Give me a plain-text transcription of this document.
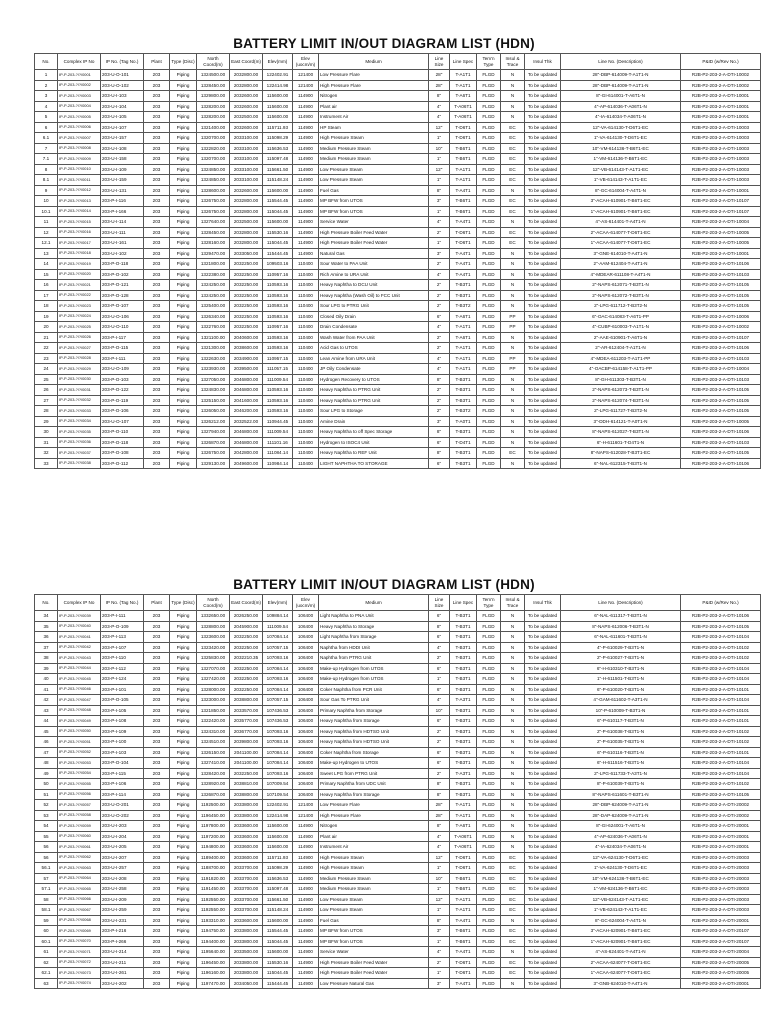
BATTERY LIMIT IN/OUT DIAGRAM LIST (HDN)
No.	Complex IP No	IP No. (Tag No.)	Plant	Type (Disc)	North Coord(m)	East Coord(m)	Elev(mm)	Elev (uocm/m)	Medium	Line Size	Line Spec	Tem'n Type	Insul & Trace	Insul Thk	Line No. (Description)	P&ID (w/Rev No.)
1	IP-P-203-?/?/0001	203-U-O-101	203	Piping	1324500.00	2032800.00	122402.91	121400	Low Pressure Flare	28"	T-A1T1	FLGD	N	To be updated	28"-DBP-614009-T-A1T1-N	R2B-P2-203-2-A-DTI-10002
2	IP-P-203-?/?/0002	203-U-O-102	203	Piping	1328450.00	2032800.00	122414.98	121400	High Pressure Flare	28"	T-A1T1	FLGD	N	To be updated	28"-DBP-614009-T-A1T1-N	R2B-P2-203-2-A-DTI-10002
3	IP-P-203-?/?/0003	203-U-I-103	203	Piping	1329800.00	2032600.00	115600.00	114900	Nitrogen	8"	T-A6T1	FLGD	N	To be updated	8"-GI-614001-T-A6T1-N	R2B-P2-203-2-A-DTI-10001
4	IP-P-203-?/?/0004	203-U-I-104	203	Piping	1328200.00	2032600.00	115600.00	114900	Plant air	4"	T-A06T1	FLGD	N	To be updated	4"-AP-614036-T-A06T1-N	R2B-P2-203-2-A-DTI-10001
5	IP-P-203-?/?/0005	203-U-I-105	203	Piping	1328200.00	2032500.00	115600.00	114900	Instrument Air	4"	T-A06T1	FLGD	N	To be updated	4"-IA-614034-T-A06T1-N	R2B-P2-203-2-A-DTI-10001
6	IP-P-203-?/?/0006	203-U-I-107	203	Piping	1321400.00	2032600.00	115711.93	114900	HP Steam	12"	T-D6T1	FLGD	EC	To be updated	12"-VA-614130-T-D6T1-EC	R2B-P2-203-2-A-DTI-10003
6.1	IP-P-203-?/?/0007	203-U-I-157	203	Piping	1320700.00	2033100.00	115098.29	114900	High Pressure Steam	1"	T-D6T1	FLGD	EC	To be updated	1"-VA-614130-T-D6T1-EC	R2B-P2-203-2-A-DTI-10003
7	IP-P-203-?/?/0008	203-U-I-108	203	Piping	1322820.00	2033100.00	115636.53	114900	Medium Pressure Steam	10"	T-B6T1	FLGD	EC	To be updated	10"-VM-614136-T-B6T1-EC	R2B-P2-203-2-A-DTI-10003
7.1	IP-P-203-?/?/0009	203-U-I-158	203	Piping	1320700.00	2033100.00	115097.48	114900	Medium Pressure Steam	1"	T-B6T1	FLGD	EC	To be updated	1"-VM-614136-T-B6T1-EC	R2B-P2-203-2-A-DTI-10003
8	IP-P-203-?/?/0010	203-U-I-109	203	Piping	1324850.00	2033100.00	115661.50	114900	Low Pressure Steam	12"	T-A1T1	FLGD	EC	To be updated	12"-VB-614143-T-A1T1-EC	R2B-P2-203-2-A-DTI-10003
8.1	IP-P-203-?/?/0011	203-U-I-159	203	Piping	1324850.00	2033100.00	115148.24	114900	Low Pressure Steam	1"	T-A1T1	FLGD	EC	To be updated	1"-VB-614143-T-A1T1-EC	R2B-P2-203-2-A-DTI-10003
9	IP-P-203-?/?/0012	203-U-I-131	203	Piping	1328600.00	2032600.00	115600.00	114900	Fuel Gas	8"	T-A4T1	FLGD	N	To be updated	8"-GC-614004-T-A4T1-N	R2B-P2-203-2-A-DTI-10001
10	IP-P-203-?/?/0013	203-P-I-116	203	Piping	1326750.00	2032800.00	115544.45	114900	MP BFW from UTOS	3"	T-B6T1	FLGD	EC	To be updated	3"-ACAH-610901-T-B6T1-EC	R2B-P2-203-2-A-DTI-10107
10.1	IP-P-203-?/?/0014	203-P-I-166	203	Piping	1326750.00	2032800.00	115044.45	114900	MP BFW from UTOS	1"	T-B6T1	FLGD	EC	To be updated	1"-ACAH-610901-T-B6T1-EC	R2B-P2-203-2-A-DTI-10107
11	IP-P-203-?/?/0015	203-U-I-114	203	Piping	1327640.00	2032500.00	115600.00	114900	Service Water	4"	T-A4T1	FLGD	N	To be updated	4"-AS-614401-T-A4T1-N	R2B-P2-203-2-A-DTI-10004
12	IP-P-203-?/?/0016	203-U-I-111	203	Piping	1328450.00	2032800.00	115530.16	114900	High Pressure Boiler Feed Water	2"	T-D6T1	FLGD	EC	To be updated	2"-ACAA-614077-T-D6T1-EC	R2B-P2-203-2-A-DTI-10005
12.1	IP-P-203-?/?/0017	203-U-I-161	203	Piping	1328160.00	2032800.00	115044.45	114900	High Pressure Boiler Feed Water	1"	T-D6T1	FLGD	EC	To be updated	1"-ACAA-614077-T-D6T1-EC	R2B-P2-203-2-A-DTI-10005
13	IP-P-203-?/?/0018	203-U-I-102	203	Piping	1329470.00	2033050.00	115444.45	114900	Natural Gas	3"	T-A4T1	FLGD	N	To be updated	3"-GNE-614010-T-A4T1-N	R2B-P2-203-2-A-DTI-10001
14	IP-P-203-?/?/0019	203-P-O-118	203	Piping	1321800.00	2032250.00	109503.16	110400	Sour Water to PAA Unit	2"	T-A4T1	FLGD	N	To be updated	2"-AAM-612404-T-A4T1-N	R2B-P2-203-2-A-DTI-10106
15	IP-P-203-?/?/0020	203-P-O-102	203	Piping	1322380.00	2032250.00	110957.16	110400	Rich Amine to URA Unit	4"	T-A4T1	FLGD	N	To be updated	4"-MDEAR-611108-T-A4T1-N	R2B-P2-203-2-A-DTI-10103
16	IP-P-203-?/?/0021	203-P-O-121	203	Piping	1324250.00	2032250.00	110593.16	110400	Heavy Naphtha to DCU Unit	2"	T-B3T1	FLGD	N	To be updated	2"-NAPS-612071-T-B3T1-N	R2B-P2-203-2-A-DTI-10105
17	IP-P-203-?/?/0022	203-P-O-128	203	Piping	1324250.00	2032250.00	110593.16	110400	Heavy Naphtha (Wash Oil) to FCC Unit	2"	T-B3T1	FLGD	N	To be updated	2"-NAPS-612072-T-B3T1-N	R2B-P2-203-2-A-DTI-10105
18	IP-P-203-?/?/0023	203-P-O-107	203	Piping	1325400.00	2032250.00	110593.16	110400	Sour LPG to PTRG Unit	2"	T-B3T2	FLGD	N	To be updated	2"-LPG-611712-T-B3T2-N	R2B-P2-203-2-A-DTI-10105
19	IP-P-203-?/?/0024	203-U-O-106	203	Piping	1326340.00	2032250.00	110593.16	110400	Closed Oily Drain	6"	T-A6T1	FLGD	PP	To be updated	6"-OAC-614083-T-A6T1-PP	R2B-P2-203-2-A-DTI-10006
20	IP-P-203-?/?/0025	203-U-O-110	203	Piping	1322760.00	2032250.00	110957.16	110400	Drain Condensate	4"	T-A1T1	FLGD	PP	To be updated	4"-CUBP-610003-T-A1T1-N	R2B-P2-203-2-A-DTI-10002
21	IP-P-203-?/?/0026	203-P-I-117	203	Piping	1321100.00	2040600.00	110593.16	110400	Wash Water from PAA Unit	2"	T-A6T1	FLGD	N	To be updated	2"-AAE-610901-T-A6T1-N	R2B-P2-203-2-A-DTI-10107
22	IP-P-203-?/?/0027	203-P-O-115	203	Piping	1321300.00	2038600.00	110593.16	110400	Acid Gas to UTOS	2"	T-A1T1	FLGD	N	To be updated	2"-AR-612404-T-A1T1-N	R2B-P2-203-2-A-DTI-10106
23	IP-P-203-?/?/0028	203-P-I-111	203	Piping	1322630.00	2034900.00	110957.15	110400	Lean Amine from URA Unit	4"	T-A1T1	FLGD	PP	To be updated	4"-MDEA-611203-T-A1T1-PP	R2B-P2-203-2-A-DTI-10103
24	IP-P-203-?/?/0029	203-U-O-109	203	Piping	1323930.00	2039500.00	111057.15	110400	JP Oily Condensate	4"	T-A1T1	FLGD	PP	To be updated	4"-OACBP-614158-T-A1T1-PP	R2B-P2-203-2-A-DTI-10004
25	IP-P-203-?/?/0030	203-P-O-103	203	Piping	1327050.00	2046800.00	111009.54	110400	Hydrogen Recovery to UTOS	8"	T-B3T1	FLGD	N	To be updated	8"-GH-611303-T-B3T1-N	R2B-P2-203-2-A-DTI-10103
26	IP-P-203-?/?/0031	203-P-O-122	203	Piping	1324830.00	2046800.00	110593.16	110400	Heavy Naphtha to PTRG Unit	2"	T-B3T1	FLGD	N	To be updated	2"-NAPS-612073-T-B3T1-N	R2B-P2-203-2-A-DTI-10105
27	IP-P-203-?/?/0032	203-P-O-119	203	Piping	1325150.00	2041600.00	110593.16	110400	Heavy Naphtha to PTRG Unit	2"	T-B3T1	FLGD	N	To be updated	2"-NAPS-612074-T-B3T1-N	R2B-P2-203-2-A-DTI-10105
28	IP-P-203-?/?/0033	203-P-O-106	203	Piping	1326050.00	2046200.00	110593.16	110400	Sour LPG to Storage	2"	T-B3T2	FLGD	N	To be updated	2"-LPG-611727-T-B3T2-N	R2B-P2-203-2-A-DTI-10105
29	IP-P-203-?/?/0034	203-U-O-107	203	Piping	1326212.00	2032522.00	110944.45	110400	Amine Drain	3"	T-A0T1	FLGD	N	To be updated	3"-DDH-614121-T-A0T1-N	R2B-P2-203-2-A-DTI-10005
30	IP-P-203-?/?/0035	203-P-O-110	203	Piping	1327940.00	2046800.00	111009.54	110400	Heavy Naphtha to off Spec Storage	8"	T-B3T1	FLGD	N	To be updated	8"-NAPS-612027-T-B3T1-N	R2B-P2-203-2-A-DTI-10106
31	IP-P-203-?/?/0036	203-P-O-118	203	Piping	1326870.00	2046800.00	111101.16	110400	Hydrogen to ISOC4 Unit	6"	T-D4T1	FLGD	N	To be updated	6"-H-611601-T-D4T1-N	R2B-P2-203-2-A-DTI-10103
32	IP-P-203-?/?/0037	203-P-O-108	203	Piping	1326750.00	2042800.00	111084.14	110400	Heavy Naphtha to REF Unit	8"	T-B3T1	FLGD	EC	To be updated	8"-NAPS-612028-T-B3T1-EC	R2B-P2-203-2-A-DTI-10105
33	IP-P-203-?/?/0038	203-P-O-112	203	Piping	1329130.00	2049600.00	110984.14	110400	LIGHT NAPHTHA TO STORAGE	6"	T-B3T1	FLGD	N	To be updated	6"-NAL-612315-T-B3T1-N	R2B-P2-203-2-A-DTI-10106
BATTERY LIMIT IN/OUT DIAGRAM LIST (HDN)
No.	Complex IP No	IP No. (Tag No.)	Plant	Type (Disc)	North Coord(m)	East Coord(m)	Elev(mm)	Elev (uocm/m)	Medium	Line Size	Line Spec	Tem'n Type	Insul & Trace	Insul Thk	Line No. (Description)	P&ID (w/Rev No.)
34	IP-P-203-?/?/0039	203-P-I-111	203	Piping	1332650.00	2026250.00	109884.14	106400	Light Naphtha to PNA Unit	6"	T-B3T1	FLGD	N	To be updated	6"-NAL-611317-T-B3T1-N	R2B-P2-203-2-A-DTI-10106
35	IP-P-203-?/?/0040	203-P-O-109	203	Piping	1328800.00	2045900.00	111009.54	106400	Heavy Naphtha to Storage	8"	T-B3T1	FLGD	N	To be updated	8"-NAPS-612006-T-B3T1-N	R2B-P2-203-2-A-DTI-10105
36	IP-P-203-?/?/0041	203-P-I-113	203	Piping	1323600.00	2032250.00	107084.14	106400	Light Naphtha from Storage	6"	T-B3T1	FLGD	N	To be updated	6"-NAL-611601-T-B3T1-N	R2B-P2-203-2-A-DTI-10104
37	IP-P-203-?/?/0042	203-P-I-107	203	Piping	1323420.00	2032250.00	107057.15	106400	Naphtha from HDDI Unit	4"	T-B3T1	FLGD	N	To be updated	4"-P-610029-T-B3T1-N	R2B-P2-203-2-A-DTI-10102
38	IP-P-203-?/?/0043	203-P-I-110	203	Piping	1325830.00	2032210.35	107093.16	106400	Naphtha from PTRG Unit	2"	T-B3T1	FLGD	N	To be updated	2"-P-610027-T-B3T1-N	R2B-P2-203-2-A-DTI-10102
39	IP-P-203-?/?/0044	203-P-I-112	203	Piping	1327070.00	2032250.00	107084.14	106400	Make-up Hydrogen from UTOS	6"	T-B3T1	FLGD	N	To be updated	6"-H-610310-T-B3T1-N	R2B-P2-203-2-A-DTI-10104
40	IP-P-203-?/?/0045	203-P-I-124	203	Piping	1327420.00	2032250.00	107093.16	106400	Make-up Hydrogen from UTOS	1"	T-B3T1	FLGD	N	To be updated	1"-H-611501-T-B3T1-N	R2B-P2-203-2-A-DTI-10104
41	IP-P-203-?/?/0046	203-P-I-101	203	Piping	1328000.00	2032250.00	107084.14	106400	Coker Naphtha from PCR Unit	6"	T-B3T1	FLGD	N	To be updated	6"-P-610020-T-B3T1-N	R2B-P2-203-2-A-DTI-10101
42	IP-P-203-?/?/0047	203-P-O-105	203	Piping	1323000.00	2038800.00	107057.15	106400	Sour Gas To PTRG Unit	4"	T-A3T1	FLGD	N	To be updated	4"-GAM-611602-T-A3T1-N	R2B-P2-203-2-A-DTI-10104
43	IP-P-203-?/?/0048	203-P-I-105	203	Piping	1321850.00	2033570.00	107436.53	106400	Primary Naphtha from Storage	10"	T-B3T1	FLGD	N	To be updated	10"-P-610009-T-B3T1-N	R2B-P2-203-2-A-DTI-10101
44	IP-P-203-?/?/0049	203-P-I-108	203	Piping	1322420.00	2035770.00	107436.53	106400	Heavy Naphtha from Storage	6"	T-B3T1	FLGD	N	To be updated	6"-P-610117-T-B3T1-N	R2B-P2-203-2-A-DTI-10101
45	IP-P-203-?/?/0050	203-P-I-109	203	Piping	1324310.00	2036770.00	107093.16	106400	Heavy Naphtha from HDTSO Unit	2"	T-B3T1	FLGD	N	To be updated	2"-P-610038-T-B3T1-N	R2B-P2-203-2-A-DTI-10102
46	IP-P-203-?/?/0051	203-P-I-100	203	Piping	1324510.00	2039800.00	107093.16	106400	Heavy Naphtha from HDTSO Unit	2"	T-B3T1	FLGD	N	To be updated	2"-P-610035-T-B3T1-N	R2B-P2-203-2-A-DTI-10102
47	IP-P-203-?/?/0052	203-P-I-103	203	Piping	1326150.00	2041100.00	107084.14	106400	Coker Naphtha from Storage	6"	T-B3T1	FLGD	N	To be updated	6"-P-610116-T-B3T1-N	R2B-P2-203-2-A-DTI-10101
48	IP-P-203-?/?/0053	203-P-O-104	203	Piping	1327410.00	2041100.00	107084.14	106400	Make-up Hydrogen to UTOS	6"	T-B3T1	FLGD	N	To be updated	6"-H-611516-T-B3T1-N	R2B-P2-203-2-A-DTI-10104
49	IP-P-203-?/?/0054	203-P-I-115	203	Piping	1328420.00	2032250.00	107093.16	106400	Sweet LPG from PTRG Unit	2"	T-A3T1	FLGD	N	To be updated	2"-LPG-611733-T-A3T1-N	R2B-P2-203-2-A-DTI-10104
50	IP-P-203-?/?/0055	203-P-I-106	203	Piping	1328920.00	2038810.00	107009.54	106400	Primary Naphtha from UDC Unit	8"	T-B3T1	FLGD	N	To be updated	8"-P-610039-T-B3T1-N	R2B-P2-203-2-A-DTI-10102
51	IP-P-203-?/?/0056	203-P-I-114	203	Piping	1326870.00	2038800.00	107109.54	106400	Heavy Naphtha from Storage	8"	T-B3T1	FLGD	N	To be updated	8"-NAPS-611601-T-B3T1-N	R2B-P2-203-2-A-DTI-10105
52	IP-P-203-?/?/0057	203-U-O-201	203	Piping	1192500.00	2033800.00	122402.91	121400	Low Pressure Flare	28"	T-A1T1	FLGD	N	To be updated	28"-DBP-624009-T-A1T1-N	R2B-P2-203-2-A-DTI-20002
53	IP-P-203-?/?/0058	203-U-O-202	203	Piping	1196450.00	2033800.00	122414.98	121400	High Pressure Flare	28"	T-A1T1	FLGD	N	To be updated	28"-DAP-624009-T-A1T1-N	R2B-P2-203-2-A-DTI-20002
54	IP-P-203-?/?/0059	203-U-I-203	203	Piping	1197800.00	2033600.00	115600.00	114900	Nitrogen	8"	T-A6T1	FLGD	N	To be updated	8"-GI-624001-T-A6T1-N	R2B-P2-203-2-A-DTI-20001
55	IP-P-203-?/?/0060	203-U-I-204	203	Piping	1197200.00	2033600.00	115600.00	114900	Plant air	4"	T-A06T1	FLGD	N	To be updated	4"-AP-624036-T-A06T1-N	R2B-P2-203-2-A-DTI-20001
56	IP-P-203-?/?/0061	203-U-I-205	203	Piping	1194800.00	2033600.00	115600.00	114900	Instrument Air	4"	T-A06T1	FLGD	N	To be updated	4"-IA-624034-T-A06T1-N	R2B-P2-203-2-A-DTI-20001
56	IP-P-203-?/?/0062	203-U-I-207	203	Piping	1189400.00	2033600.00	115711.93	114900	High Pressure Steam	12"	T-D6T1	FLGD	EC	To be updated	12"-VA-624130-T-D6T1-EC	R2B-P2-203-2-A-DTI-20003
56.1	IP-P-203-?/?/0063	203-U-I-257	203	Piping	1188700.00	2033700.00	115098.29	114900	High Pressure Steam	1"	T-D6T1	FLGD	EC	To be updated	1"-VA-624130-T-D6T1-EC	R2B-P2-203-2-A-DTI-20003
57	IP-P-203-?/?/0064	203-U-I-208	203	Piping	1191820.00	2033700.00	115636.53	114900	Medium Pressure Steam	10"	T-B6T1	FLGD	EC	To be updated	10"-VM-624136-T-B6T1-EC	R2B-P2-203-2-A-DTI-20003
57.1	IP-P-203-?/?/0065	203-U-I-258	203	Piping	1191450.00	2033700.00	115097.48	114900	Medium Pressure Steam	1"	T-B6T1	FLGD	EC	To be updated	1"-VM-624136-T-B6T1-EC	R2B-P2-203-2-A-DTI-20003
58	IP-P-203-?/?/0066	203-U-I-209	203	Piping	1192550.00	2033700.00	115661.50	114900	Low Pressure Steam	12"	T-A1T1	FLGD	EC	To be updated	12"-VB-624143-T-A1T1-EC	R2B-P2-203-2-A-DTI-20003
58.1	IP-P-203-?/?/0067	203-U-I-259	203	Piping	1192550.00	2033700.00	115148.24	114900	Low Pressure Steam	1"	T-A1T1	FLGD	EC	To be updated	1"-VB-624143-T-A1T1-EC	R2B-P2-203-2-A-DTI-20003
59	IP-P-203-?/?/0068	203-U-I-231	203	Piping	1193310.00	2033600.00	115600.00	114900	Fuel Gas	8"	T-A4T1	FLGD	N	To be updated	8"-GC-624004-T-A4T1-N	R2B-P2-203-2-A-DTI-20001
60	IP-P-203-?/?/0069	203-P-I-216	203	Piping	1194750.00	2033800.00	115544.45	114900	MP BFW from UTOS	3"	T-B6T1	FLGD	EC	To be updated	3"-ACAH-620901-T-B6T1-EC	R2B-P2-203-2-A-DTI-20107
60.1	IP-P-203-?/?/0070	203-P-I-266	203	Piping	1194400.00	2033800.00	115044.45	114900	MP BFW from UTOS	1"	T-B6T1	FLGD	EC	To be updated	1"-ACAH-620901-T-B6T1-EC	R2B-P2-203-2-A-DTI-20107
61	IP-P-203-?/?/0071	203-U-I-214	203	Piping	1195640.00	2033500.00	115600.00	114900	Service Water	4"	T-A4T1	FLGD	N	To be updated	4"-AS-624401-T-A4T1-N	R2B-P2-203-2-A-DTI-20004
62	IP-P-203-?/?/0072	203-U-I-211	203	Piping	1196450.00	2033800.00	115530.16	114900	High Pressure Boiler Feed Water	2"	T-D6T1	FLGD	EC	To be updated	2"-ACAA-624077-T-D6T1-EC	R2B-P2-203-2-A-DTI-20005
62.1	IP-P-203-?/?/0073	203-U-I-261	203	Piping	1196160.00	2033800.00	115044.45	114900	High Pressure Boiler Feed Water	1"	T-D6T1	FLGD	EC	To be updated	1"-ACAA-624077-T-D6T1-EC	R2B-P2-203-2-A-DTI-20005
63	IP-P-203-?/?/0074	203-U-I-202	203	Piping	1197470.00	2034050.00	115444.45	114900	Low Pressure Natural Gas	3"	T-A4T1	FLGD	N	To be updated	3"-GNB-624010-T-A4T1-N	R2B-P2-203-2-A-DTI-20001
